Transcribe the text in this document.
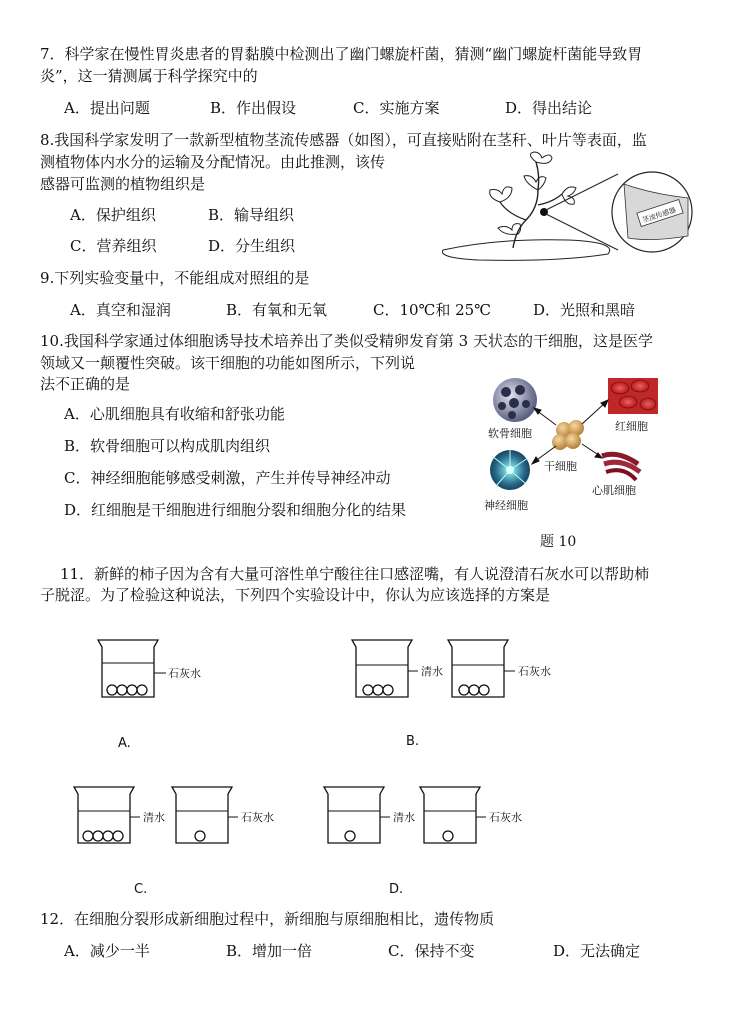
7．科学家在慢性胃炎患者的胃黏膜中检测出了幽门螺旋杆菌，猜测“幽门螺旋杆菌能导致胃
炎”，这一猜测属于科学探究中的
A．提出问题	B．作出假设	C．实施方案	D．得出结论
8.我国科学家发明了一款新型植物茎流传感器（如图），可直接贴附在茎秆、叶片等表面，监
测植物体内水分的运输及分配情况。由此推测，该传
感器可监测的植物组织是
A．保护组织	B．输导组织
C．营养组织	D．分生组织
茎流传感器
9.下列实验变量中，不能组成对照组的是
A．真空和湿润	B．有氧和无氧	C．10℃和 25℃	D．光照和黑暗
10.我国科学家通过体细胞诱导技术培养出了类似受精卵发育第 3 天状态的干细胞，这是医学
领域又一颠覆性突破。该干细胞的功能如图所示，下列说
法不正确的是
A．心肌细胞具有收缩和舒张功能
B．软骨细胞可以构成肌肉组织
C．神经细胞能够感受刺激，产生并传导神经冲动
D．红细胞是干细胞进行细胞分裂和细胞分化的结果
软骨细胞
红细胞
干细胞
神经细胞
心肌细胞
题 10
11．新鲜的柿子因为含有大量可溶性单宁酸往往口感涩嘴，有人说澄清石灰水可以帮助柿
子脱涩。为了检验这种说法，下列四个实验设计中，你认为应该选择的方案是
石灰水
A.
清水	石灰水
B.
清水	石灰水
C.
清水	石灰水
D.
12．在细胞分裂形成新细胞过程中，新细胞与原细胞相比，遗传物质
A．减少一半	B．增加一倍	C．保持不变	D．无法确定
